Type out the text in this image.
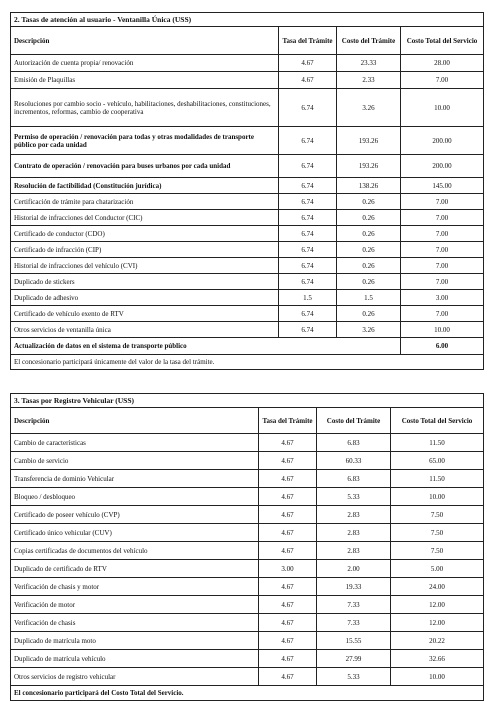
2. Tasas de atención al usuario - Ventanilla Única (USS)			
Descripción	Tasa del Trámite	Costo del Trámite	Costo Total del Servicio
Autorización de cuenta propia/ renovación	4.67	23.33	28.00
Emisión de Plaquillas	4.67	2.33	7.00
Resoluciones por cambio socio - vehículo, habilitaciones, deshabilitaciones, constituciones, incrementos, reformas, cambio de cooperativa	6.74	3.26	10.00
Permiso de operación / renovación para todas y otras modalidades de transporte público por cada unidad	6.74	193.26	200.00
Contrato de operación / renovación para buses urbanos por cada unidad	6.74	193.26	200.00
Resolución de factibilidad (Constitución jurídica)	6.74	138.26	145.00
Certificación de trámite para chatarización	6.74	0.26	7.00
Historial de infracciones del Conductor (CIC)	6.74	0.26	7.00
Certificado de conductor (CDO)	6.74	0.26	7.00
Certificado de infracción (CIP)	6.74	0.26	7.00
Historial de infracciones del vehículo (CVI)	6.74	0.26	7.00
Duplicado de stickers	6.74	0.26	7.00
Duplicado de adhesivo	1.5	1.5	3.00
Certificado de vehículo exento de RTV	6.74	0.26	7.00
Otros servicios de ventanilla única	6.74	3.26	10.00
Actualización de datos en el sistema de transporte público			6.00
El concesionario participará únicamente del valor de la tasa del trámite.			
3. Tasas por Registro Vehicular (USS)			
Descripción	Tasa del Trámite	Costo del Trámite	Costo Total del Servicio
Cambio de características	4.67	6.83	11.50
Cambio de servicio	4.67	60.33	65.00
Transferencia de dominio Vehicular	4.67	6.83	11.50
Bloqueo / desbloqueo	4.67	5.33	10.00
Certificado de poseer vehículo (CVP)	4.67	2.83	7.50
Certificado único vehicular (CUV)	4.67	2.83	7.50
Copias certificadas de documentos del vehículo	4.67	2.83	7.50
Duplicado de certificado de RTV	3.00	2.00	5.00
Verificación de chasis y motor	4.67	19.33	24.00
Verificación de motor	4.67	7.33	12.00
Verificación de chasis	4.67	7.33	12.00
Duplicado de matrícula moto	4.67	15.55	20.22
Duplicado de matrícula vehículo	4.67	27.99	32.66
Otros servicios de registro vehicular	4.67	5.33	10.00
El concesionario participará del Costo Total del Servicio.			
